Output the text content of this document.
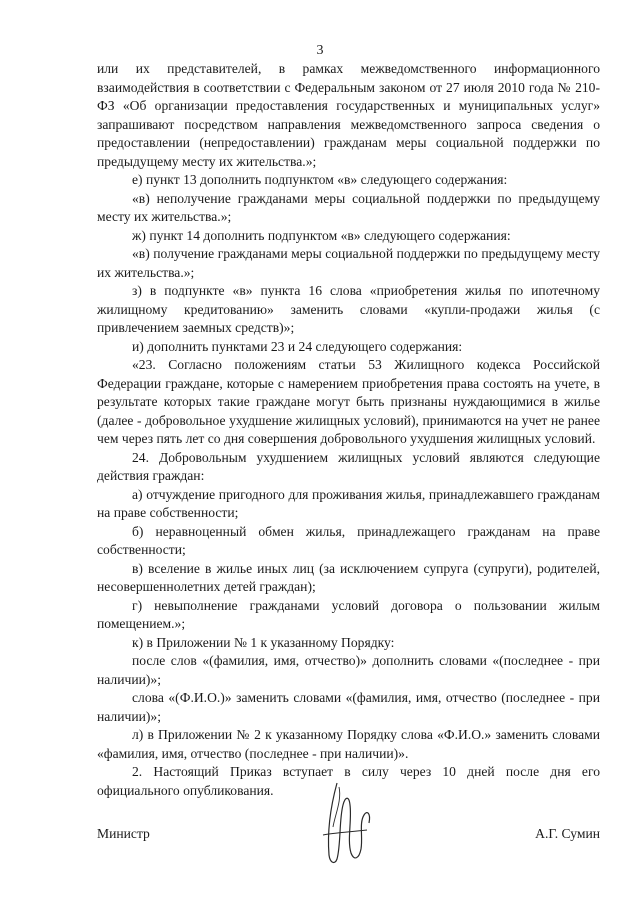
3

или их представителей, в рамках межведомственного информационного взаимодействия в соответствии с Федеральным законом от 27 июля 2010 года № 210-ФЗ «Об организации предоставления государственных и муниципальных услуг» запрашивают посредством направления межведомственного запроса сведения о предоставлении (непредоставлении) гражданам меры социальной поддержки по предыдущему месту их жительства.»;

е) пункт 13 дополнить подпунктом «в» следующего содержания:

«в) неполучение гражданами меры социальной поддержки по предыдущему месту их жительства.»;

ж) пункт 14 дополнить подпунктом «в» следующего содержания:

«в) получение гражданами меры социальной поддержки по предыдущему месту их жительства.»;

з) в подпункте «в» пункта 16 слова «приобретения жилья по ипотечному жилищному кредитованию» заменить словами «купли-продажи жилья (с привлечением заемных средств)»;

и) дополнить пунктами 23 и 24 следующего содержания:

«23. Согласно положениям статьи 53 Жилищного кодекса Российской Федерации граждане, которые с намерением приобретения права состоять на учете, в результате которых такие граждане могут быть признаны нуждающимися в жилье (далее - добровольное ухудшение жилищных условий), принимаются на учет не ранее чем через пять лет со дня совершения добровольного ухудшения жилищных условий.

24. Добровольным ухудшением жилищных условий являются следующие действия граждан:

а) отчуждение пригодного для проживания жилья, принадлежавшего гражданам на праве собственности;

б) неравноценный обмен жилья, принадлежащего гражданам на праве собственности;

в) вселение в жилье иных лиц (за исключением супруга (супруги), родителей, несовершеннолетних детей граждан);

г) невыполнение гражданами условий договора о пользовании жилым помещением.»;

к) в Приложении № 1 к указанному Порядку:

после слов «(фамилия, имя, отчество)» дополнить словами «(последнее - при наличии)»;

слова «(Ф.И.О.)» заменить словами «(фамилия, имя, отчество (последнее - при наличии)»;

л) в Приложении № 2 к указанному Порядку слова «Ф.И.О.» заменить словами «фамилия, имя, отчество (последнее - при наличии)».

2. Настоящий Приказ вступает в силу через 10 дней после дня его официального опубликования.

Министр	А.Г. Сумин
